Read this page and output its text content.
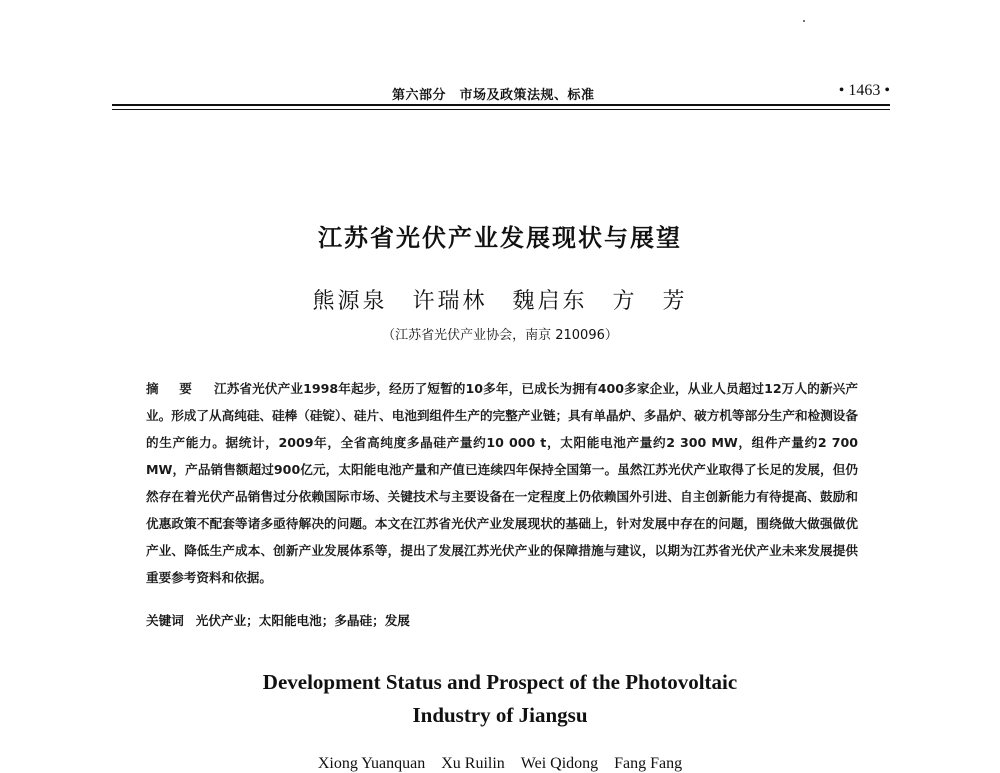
第六部分　市场及政策法规、标准	• 1463 •
江苏省光伏产业发展现状与展望
熊源泉　许瑞林　魏启东　方　芳
（江苏省光伏产业协会，南京 210096）
摘 要 江苏省光伏产业1998年起步，经历了短暂的10多年，已成长为拥有400多家企业，从业人员超过12万人的新兴产业。形成了从高纯硅、硅棒（硅锭）、硅片、电池到组件生产的完整产业链；具有单晶炉、多晶炉、破方机等部分生产和检测设备的生产能力。据统计，2009年，全省高纯度多晶硅产量约10 000 t，太阳能电池产量约2 300 MW，组件产量约2 700 MW，产品销售额超过900亿元，太阳能电池产量和产值已连续四年保持全国第一。虽然江苏光伏产业取得了长足的发展，但仍然存在着光伏产品销售过分依赖国际市场、关键技术与主要设备在一定程度上仍依赖国外引进、自主创新能力有待提高、鼓励和优惠政策不配套等诸多亟待解决的问题。本文在江苏省光伏产业发展现状的基础上，针对发展中存在的问题，围绕做大做强做优产业、降低生产成本、创新产业发展体系等，提出了发展江苏光伏产业的保障措施与建议，以期为江苏省光伏产业未来发展提供重要参考资料和依据。
关键词 光伏产业；太阳能电池；多晶硅；发展
Development Status and Prospect of the Photovoltaic
Industry of Jiangsu
Xiong Yuanquan　Xu Ruilin　Wei Qidong　Fang Fang
